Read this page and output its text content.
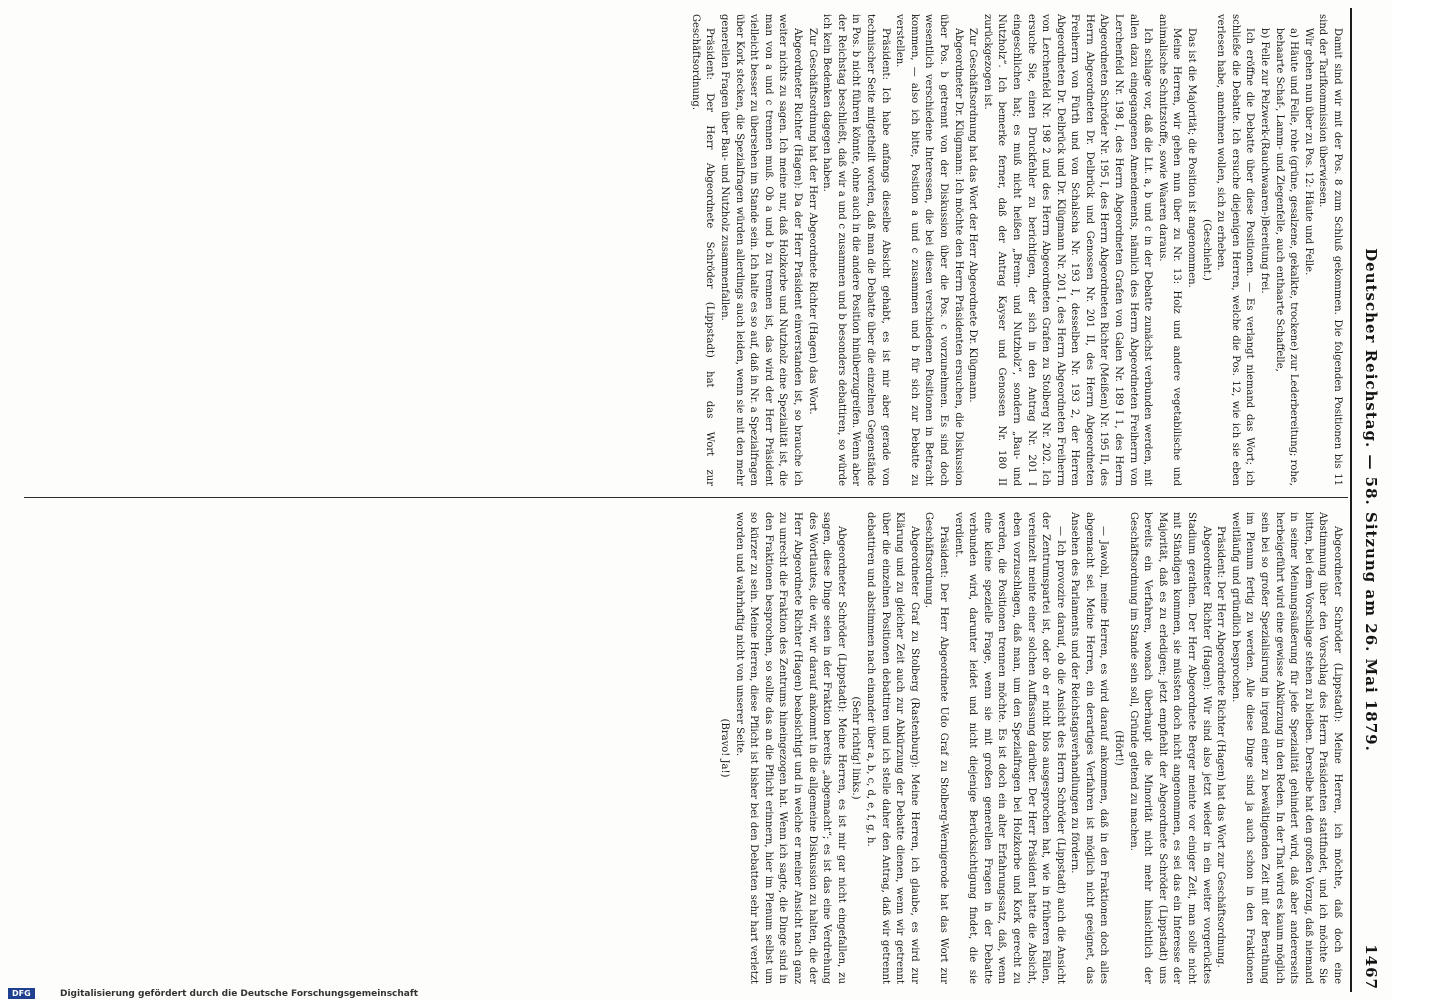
Deutscher Reichstag. — 58. Sitzung am 26. Mai 1879.
1467

Damit sind wir mit der Pos. 8 zum Schluß gekommen. Die folgenden Positionen bis 11 sind der Tarifkommission überwiesen.

Wir gehen nun über zu Pos. 12: Häute und Felle.

a) Häute und Felle, rohe (grüne, gesalzene, gekalkte, trockene) zur Lederbereitung; rohe, behaarte Schaf-, Lamm- und Ziegenfelle, auch enthaarte Schaffelle,

b) Felle zur Pelzwerk-(Rauchwaaren-)Bereitung frei.

Ich eröffne die Debatte über diese Positionen. — Es verlangt niemand das Wort; ich schließe die Debatte. Ich ersuche diejenigen Herren, welche die Pos. 12, wie ich sie eben verlesen habe, annehmen wollen, sich zu erheben.

(Geschieht.)

Das ist die Majorität; die Position ist angenommen.

Meine Herren, wir gehen nun über zu Nr. 13: Holz und andere vegetabilische und animalische Schnitzstoffe, sowie Waaren daraus.

Ich schlage vor, daß die Lit. a, b und c in der Debatte zunächst verbunden werden, mit allen dazu eingegangenen Amendements, nämlich des Herrn Abgeordneten Freiherrn von Lerchenfeld Nr. 198 I, des Herrn Abgeordneten Grafen von Galen Nr. 189 I 1, des Herrn Abgeordneten Schröder Nr. 195 I, des Herrn Abgeordneten Richter (Meißen) Nr. 195 II, des Herrn Abgeordneten Dr. Delbrück und Genossen Nr. 201 II, des Herrn Abgeordneten Freiherrn von Fürth und von Schalscha Nr. 193 I, desselben Nr. 193 2, der Herren Abgeordneten Dr. Delbrück und Dr. Klügmann Nr. 201 I, des Herrn Abgeordneten Freiherrn von Lerchenfeld Nr. 198 2 und des Herrn Abgeordneten Grafen zu Stolberg Nr. 202. Ich ersuche Sie, einen Druckfehler zu berichtigen, der sich in den Antrag Nr. 201 I eingeschlichen hat; es muß nicht heißen „Brenn- und Nutzholz“, sondern „Bau- und Nutzholz“. Ich bemerke ferner, daß der Antrag Kayser und Genossen Nr. 180 II zurückgezogen ist.

Zur Geschäftsordnung hat das Wort der Herr Abgeordnete Dr. Klügmann.

Abgeordneter Dr. Klügmann: Ich möchte den Herrn Präsidenten ersuchen, die Diskussion über Pos. b getrennt von der Diskussion über die Pos. c vorzunehmen. Es sind doch wesentlich verschiedene Interessen, die bei diesen verschiedenen Positionen in Betracht kommen, — also ich bitte, Position a und c zusammen und b für sich zur Debatte zu verstellen.

Präsident: Ich habe anfangs dieselbe Absicht gehabt, es ist mir aber gerade von technischer Seite mitgetheilt worden, daß man die Debatte über die einzelnen Gegenstände in Pos. b nicht führen könnte, ohne auch in die andere Position hinüberzugreifen. Wenn aber der Reichstag beschließt, daß wir a und c zusammen und b besonders debattiren, so würde ich kein Bedenken dagegen haben.

Zur Geschäftsordnung hat der Herr Abgeordnete Richter (Hagen) das Wort.

Abgeordneter Richter (Hagen): Da der Herr Präsident einverstanden ist, so brauche ich weiter nichts zu sagen. Ich meine nur, daß Holzkorbe und Nutzholz eine Spezialität ist, die man von a und c trennen muß. Ob a und b zu trennen ist, das wird der Herr Präsident vielleicht besser zu übersehen im Stande sein. Ich halte es so auf, daß in Nr. a Spezialfragen über Kork stecken, die Spezialfragen würden allerdings auch leiden, wenn sie mit den mehr generellen Fragen über Bau- und Nutzholz zusammenfallen.

Präsident: Der Herr Abgeordnete Schröder (Lippstadt) hat das Wort zur Geschäftsordnung.

Abgeordneter Schröder (Lippstadt): Meine Herren, ich möchte, daß doch eine Abstimmung über den Vorschlag des Herrn Präsidenten stattfindet, und ich möchte Sie bitten, bei dem Vorschlage stehen zu bleiben. Derselbe hat den großen Vorzug, daß niemand in seiner Meinungsäußerung für jede Spezialität gehindert wird, daß aber andererseits herbeigeführt wird eine gewisse Abkürzung in den Reden. In der That wird es kaum möglich sein bei so großer Spezialisirung in irgend einer zu bewältigenden Zeit mit der Berathung im Plenum fertig zu werden. Alle diese Dinge sind ja auch schon in den Fraktionen weitläufig und gründlich besprochen.

Präsident: Der Herr Abgeordnete Richter (Hagen) hat das Wort zur Geschäftsordnung.

Abgeordneter Richter (Hagen): Wir sind also jetzt wieder in ein weiter vorgerücktes Stadium gerathen. Der Herr Abgeordnete Berger meinte vor einiger Zeit, man solle nicht mit Ständigen kommen, sie müssten doch nicht angenommen, es sei das ein Interesse der Majorität, daß es zu erledigen; jetzt empfiehlt der Abgeordnete Schröder (Lippstadt) uns bereits ein Verfahren, wonach überhaupt die Minorität nicht mehr hinsichtlich der Geschäftsordnung im Stande sein soll, Gründe geltend zu machen.

(Hört!)

— Jawohl, meine Herren, es wird darauf ankommen, daß in den Fraktionen doch alles abgemacht sei. Meine Herren, ein derartiges Verfahren ist möglich nicht geeignet, das Ansehen des Parlaments und der Reichstagsverhandlungen zu fördern.

— Ich provozire darauf, ob die Ansicht des Herrn Schröder (Lippstadt) auch die Ansicht der Zentrumspartei ist, oder ob er nicht blos ausgesprochen hat, wie in früheren Fällen, vereinzelt meinte einer solchen Auffassung darüber. Der Herr Präsident hatte die Absicht, eben vorzuschlagen, daß man, um den Spezialfragen bei Holzkorbe und Kork gerecht zu werden, die Positionen trennen möchte. Es ist doch ein alter Erfahrungssatz, daß, wenn eine kleine spezielle Frage, wenn sie mit großen generellen Fragen in der Debatte verbunden wird, darunter leidet und nicht diejenige Berücksichtigung findet, die sie verdient.

Präsident: Der Herr Abgeordnete Udo Graf zu Stolberg-Wernigerode hat das Wort zur Geschäftsordnung.

Abgeordneter Graf zu Stolberg (Rastenburg): Meine Herren, ich glaube, es wird zur Klärung und zu gleicher Zeit auch zur Abkürzung der Debatte dienen, wenn wir getrennt über die einzelnen Positionen debattiren und ich stelle daher den Antrag, daß wir getrennt debattiren und abstimmen nach einander über a, b, c, d, e, f, g, h.

(Sehr richtig! links.)

Abgeordneter Schröder (Lippstadt): Meine Herren, es ist mir gar nicht eingefallen, zu sagen, diese Dinge seien in der Fraktion bereits „abgemacht“; es ist das eine Verdrehung des Wortlautes, die wir, wir darauf ankommt in die allgemeine Diskussion zu halten, die der Herr Abgeordnete Richter (Hagen) beabsichtigt und in welche er meiner Ansicht nach ganz zu unrecht die Fraktion des Zentrums hineingezogen hat. Wenn ich sagte, die Dinge sind in den Fraktionen besprochen, so sollte das an die Pflicht erinnern, hier im Plenum selbst um so kürzer zu sein. Meine Herren, diese Pflicht ist bisher bei den Debatten sehr hart verletzt worden und wahrhaftig nicht von unserer Seite.

(Bravo! Ja!)

DFG	Digitalisierung gefördert durch die Deutsche Forschungsgemeinschaft
